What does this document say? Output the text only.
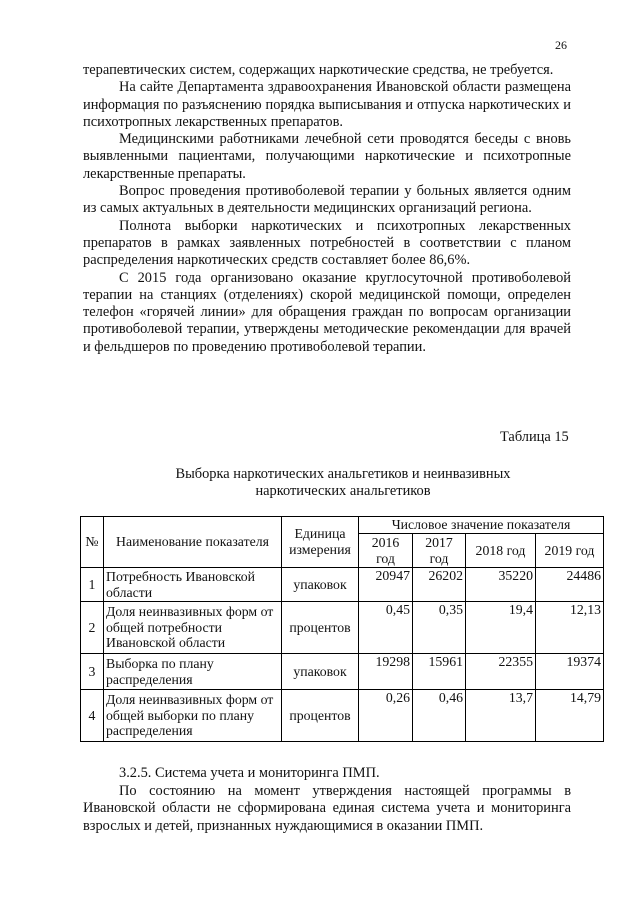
26

терапевтических систем, содержащих наркотические средства, не требуется.

На сайте Департамента здравоохранения Ивановской области размещена информация по разъяснению порядка выписывания и отпуска наркотических и психотропных лекарственных препаратов.

Медицинскими работниками лечебной сети проводятся беседы с вновь выявленными пациентами, получающими наркотические и психотропные лекарственные препараты.

Вопрос проведения противоболевой терапии у больных является одним из самых актуальных в деятельности медицинских организаций региона.

Полнота выборки наркотических и психотропных лекарственных препаратов в рамках заявленных потребностей в соответствии с планом распределения наркотических средств составляет более 86,6%.

С 2015 года организовано оказание круглосуточной противоболевой терапии на станциях (отделениях) скорой медицинской помощи, определен телефон «горячей линии» для обращения граждан по вопросам организации противоболевой терапии, утверждены методические рекомендации для врачей и фельдшеров по проведению противоболевой терапии.

Таблица 15
Выборка наркотических анальгетиков и неинвазивных
наркотических анальгетиков
№	Наименование показателя	Единица измерения	Числовое значение показателя			
			2016 год	2017 год	2018 год	2019 год
1	Потребность Ивановской области	упаковок	20947	26202	35220	24486
2	Доля неинвазивных форм от общей потребности Ивановской области	процентов	0,45	0,35	19,4	12,13
3	Выборка по плану распределения	упаковок	19298	15961	22355	19374
4	Доля неинвазивных форм от общей выборки по плану распределения	процентов	0,26	0,46	13,7	14,79

3.2.5. Система учета и мониторинга ПМП.

По состоянию на момент утверждения настоящей программы в Ивановской области не сформирована единая система учета и мониторинга взрослых и детей, признанных нуждающимися в оказании ПМП.
